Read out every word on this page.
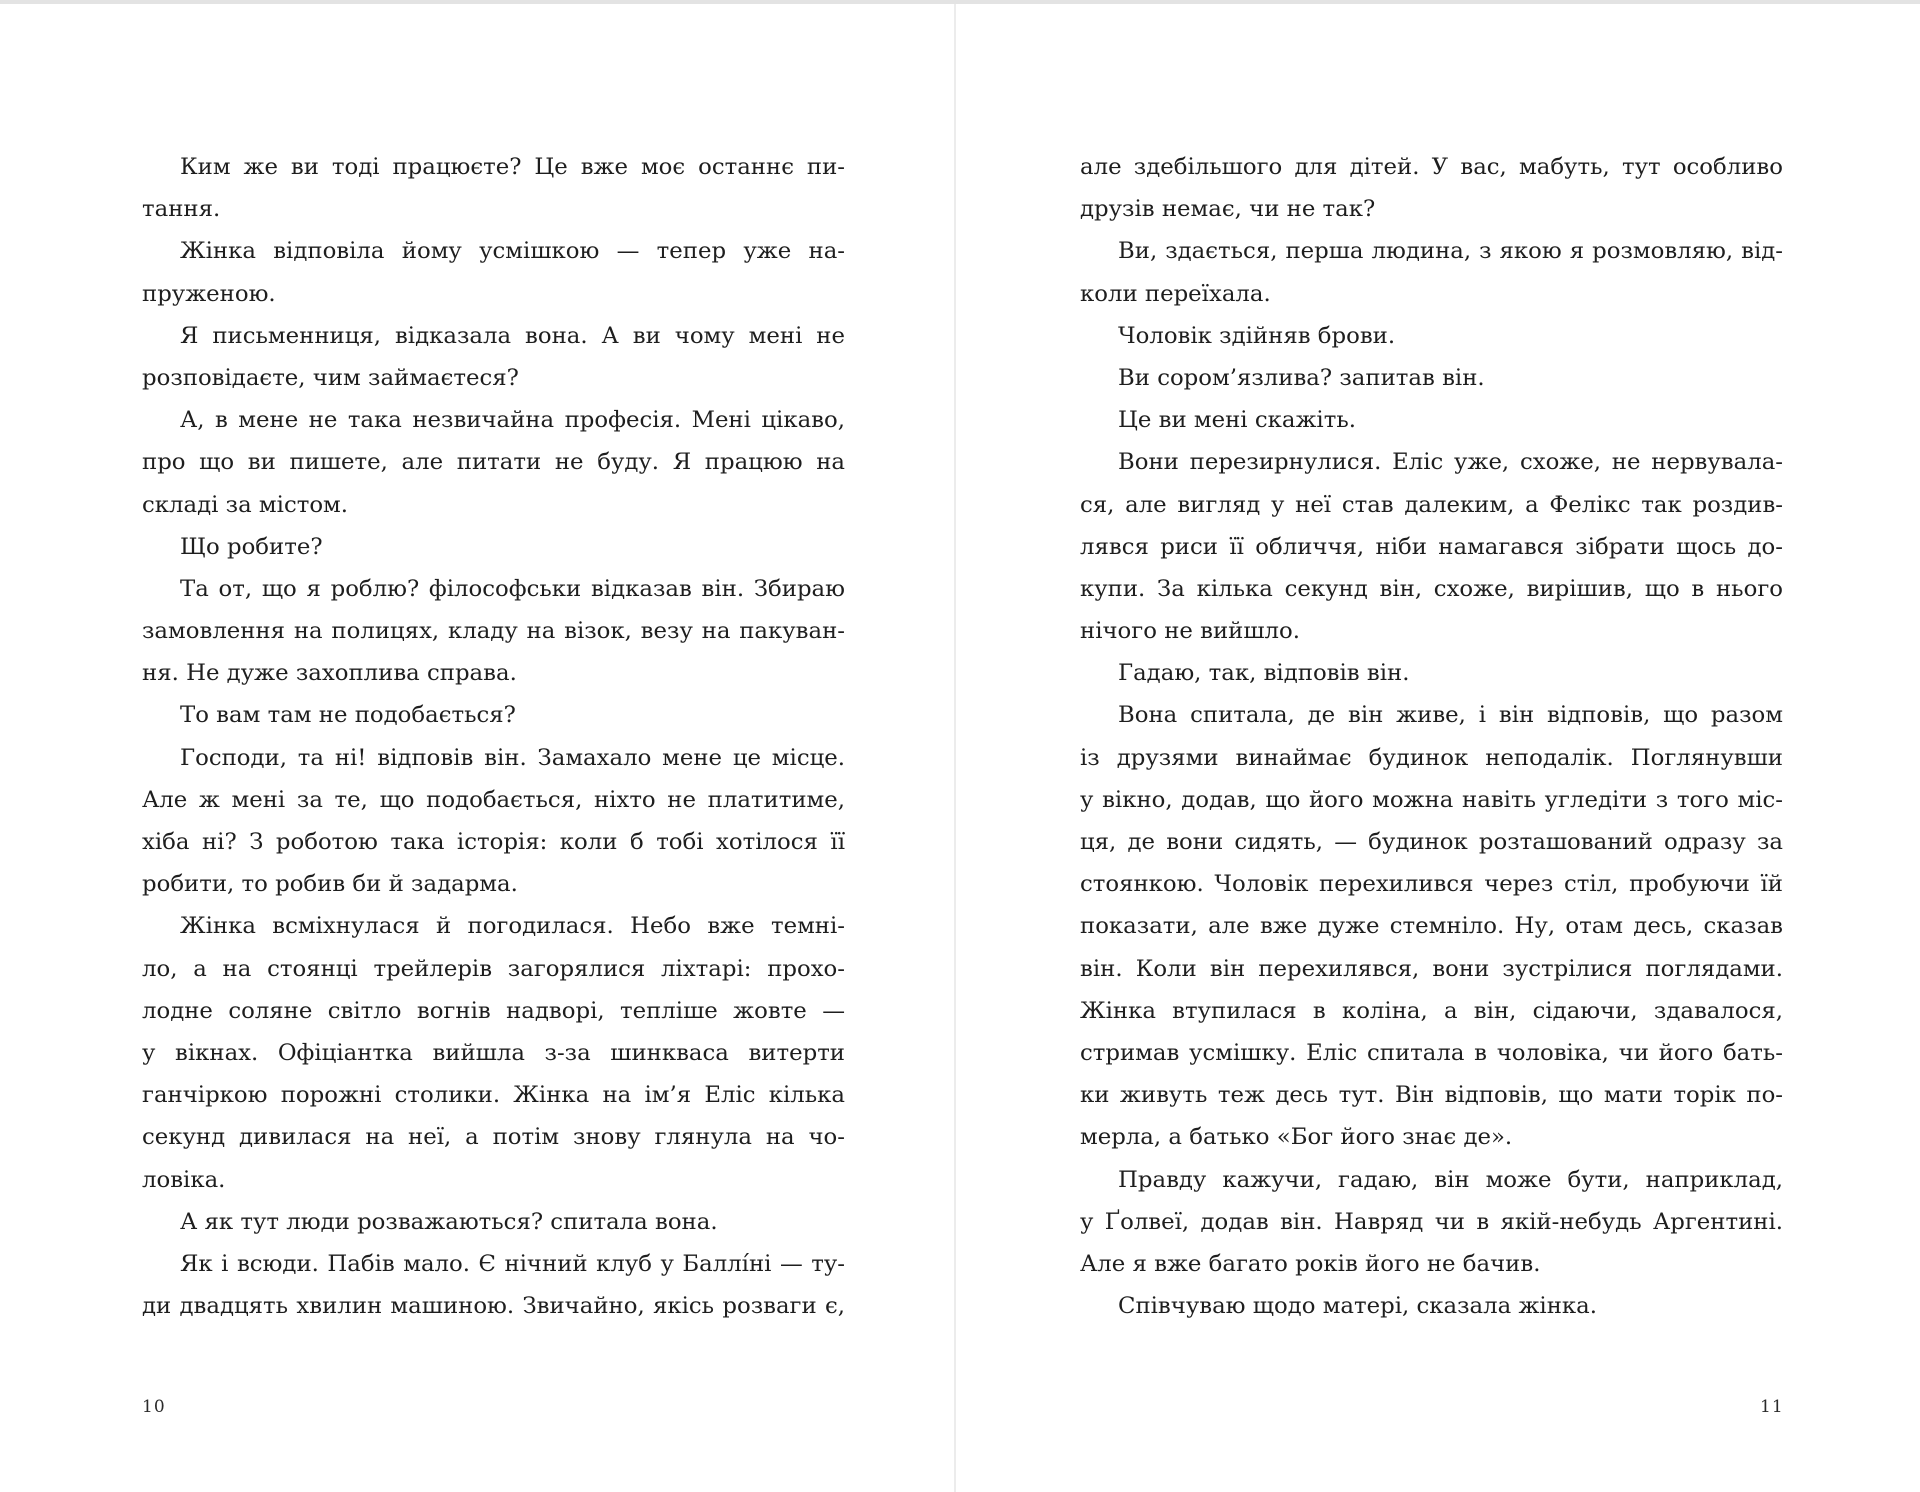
Ким же ви тоді працюєте? Це вже моє останнє пи-
тання.
Жінка відповіла йому усмішкою — тепер уже на-
пруженою.
Я письменниця, відказала вона. А ви чому мені не
розповідаєте, чим займаєтеся?
А, в мене не така незвичайна професія. Мені цікаво,
про що ви пишете, але питати не буду. Я працюю на
складі за містом.
Що робите?
Та от, що я роблю? філософськи відказав він. Збираю
замовлення на полицях, кладу на візок, везу на пакуван-
ня. Не дуже захоплива справа.
То вам там не подобається?
Господи, та ні! відповів він. Замахало мене це місце.
Але ж мені за те, що подобається, ніхто не платитиме,
хіба ні? З роботою така історія: коли б тобі хотілося її
робити, то робив би й задарма.
Жінка всміхнулася й погодилася. Небо вже темні-
ло, а на стоянці трейлерів загорялися ліхтарі: прохо-
лодне соляне світло вогнів надворі, тепліше жовте —
у вікнах. Офіціантка вийшла з-за шинкваса витерти
ганчіркою порожні столики. Жінка на ім’я Еліс кілька
секунд дивилася на неї, а потім знову глянула на чо-
ловіка.
А як тут люди розважаються? спитала вона.
Як і всюди. Пабів мало. Є нічний клуб у Баллíні — ту-
ди двадцять хвилин машиною. Звичайно, якісь розваги є,
10
але здебільшого для дітей. У вас, мабуть, тут особливо
друзів немає, чи не так?
Ви, здається, перша людина, з якою я розмовляю, від-
коли переїхала.
Чоловік здійняв брови.
Ви сором’язлива? запитав він.
Це ви мені скажіть.
Вони перезирнулися. Еліс уже, схоже, не нервувала-
ся, але вигляд у неї став далеким, а Фелікс так роздив-
лявся риси її обличчя, ніби намагався зібрати щось до-
купи. За кілька секунд він, схоже, вирішив, що в нього
нічого не вийшло.
Гадаю, так, відповів він.
Вона спитала, де він живе, і він відповів, що разом
із друзями винаймає будинок неподалік. Поглянувши
у вікно, додав, що його можна навіть угледіти з того міс-
ця, де вони сидять, — будинок розташований одразу за
стоянкою. Чоловік перехилився через стіл, пробуючи їй
показати, але вже дуже стемніло. Ну, отам десь, сказав
він. Коли він перехилявся, вони зустрілися поглядами.
Жінка втупилася в коліна, а він, сідаючи, здавалося,
стримав усмішку. Еліс спитала в чоловіка, чи його бать-
ки живуть теж десь тут. Він відповів, що мати торік по-
мерла, а батько «Бог його знає де».
Правду кажучи, гадаю, він може бути, наприклад,
у Ґолвеї, додав він. Навряд чи в якій-небудь Аргентині.
Але я вже багато років його не бачив.
Співчуваю щодо матері, сказала жінка.
11
